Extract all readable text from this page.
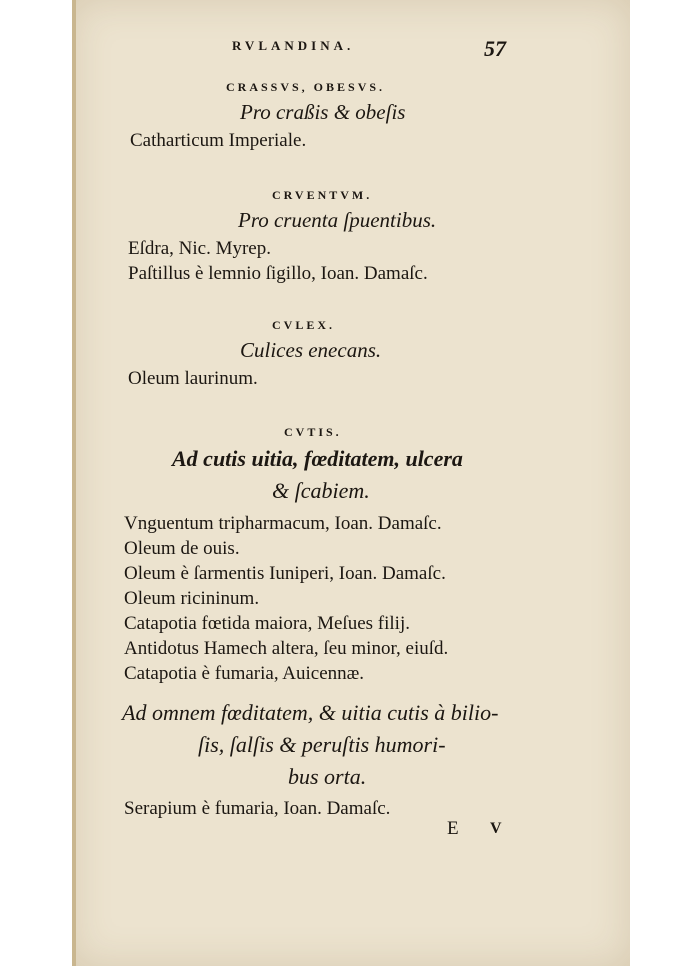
RVLANDINA.	57
CRASSVS, OBESVS.
Pro craßis & obeſis
Catharticum Imperiale.
CRVENTVM.
Pro cruenta ſpuentibus.
Eſdra, Nic. Myrep.
Paſtillus è lemnio ſigillo, Ioan. Damaſc.
CVLEX.
Culices enecans.
Oleum laurinum.
CVTIS.
Ad cutis uitia, fœditatem, ulcera
& ſcabiem.
Vnguentum tripharmacum, Ioan. Damaſc.
Oleum de ouis.
Oleum è ſarmentis Iuniperi, Ioan. Damaſc.
Oleum ricininum.
Catapotia fœtida maiora, Meſues filij.
Antidotus Hamech altera, ſeu minor, eiuſd.
Catapotia è fumaria, Auicennæ.
Ad omnem fœditatem, & uitia cutis à bilio-
ſis, ſalſis & peruſtis humori-
bus orta.
Serapium è fumaria, Ioan. Damaſc.
E V
